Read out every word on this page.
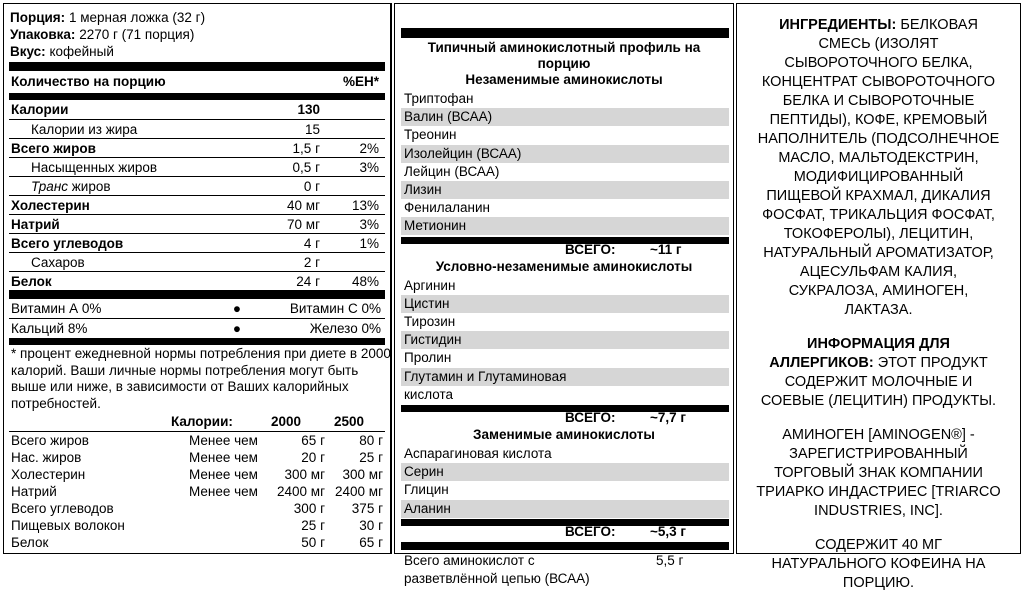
Порция: 1 мерная ложка (32 г)
Упаковка: 2270 г (71 порция)
Вкус: кофейный
Количество на порцию	%ЕН*
Калории	130
Калории из жира	15
Всего жиров	1,5 г	2%
Насыщенных жиров	0,5 г	3%
Транс жиров	0 г
Холестерин	40 мг 13%
Натрий	70 мг	3%
Всего углеводов	4 г	1%
Сахаров	2 г
Белок	24 г 48%
Витамин А 0%	●	Витамин С 0%
Кальций 8%	●	Железо 0%
* процент ежедневной нормы потребления при диете в 2000 калорий. Ваши личные нормы потребления могут быть выше или ниже, в зависимости от Ваших калорийных потребностей.
Калории:	2000 2500
Всего жиров	Менее чем	65 г	80 г
Нас. жиров	Менее чем	20 г	25 г
Холестерин	Менее чем 300 мг 300 мг
Натрий	Менее чем 2400 мг 2400 мг
Всего углеводов	300 г 375 г
Пищевых волокон	25 г	30 г
Белок	50 г	65 г
Типичный аминокислотный профиль на
порцию
Незаменимые аминокислоты
Триптофан
Валин (ВСАА)
Треонин
Изолейцин (ВСАА)
Лейцин (ВСАА)
Лизин
Фенилаланин
Метионин
ВСЕГО:	~11 г
Условно-незаменимые аминокислоты
Аргинин
Цистин
Тирозин
Гистидин
Пролин
Глутамин и Глутаминовая
кислота
ВСЕГО:	~7,7 г
Заменимые аминокислоты
Аспарагиновая кислота
Серин
Глицин
Аланин
ВСЕГО:	~5,3 г
Всего аминокислот с	5,5 г
разветвлённой цепью (ВСАА)
ИНГРЕДИЕНТЫ: БЕЛКОВАЯ
СМЕСЬ (ИЗОЛЯТ
СЫВОРОТОЧНОГО БЕЛКА,
КОНЦЕНТРАТ СЫВОРОТОЧНОГО
БЕЛКА И СЫВОРОТОЧНЫЕ
ПЕПТИДЫ), КОФЕ, КРЕМОВЫЙ
НАПОЛНИТЕЛЬ (ПОДСОЛНЕЧНОЕ
МАСЛО, МАЛЬТОДЕКСТРИН,
МОДИФИЦИРОВАННЫЙ
ПИЩЕВОЙ КРАХМАЛ, ДИКАЛИЯ
ФОСФАТ, ТРИКАЛЬЦИЯ ФОСФАТ,
ТОКОФЕРОЛЫ), ЛЕЦИТИН,
НАТУРАЛЬНЫЙ АРОМАТИЗАТОР,
АЦЕСУЛЬФАМ КАЛИЯ,
СУКРАЛОЗА, АМИНОГЕН,
ЛАКТАЗА.
ИНФОРМАЦИЯ ДЛЯ
АЛЛЕРГИКОВ: ЭТОТ ПРОДУКТ
СОДЕРЖИТ МОЛОЧНЫЕ И
СОЕВЫЕ (ЛЕЦИТИН) ПРОДУКТЫ.
АМИНОГЕН [AMINOGEN®] -
ЗАРЕГИСТРИРОВАННЫЙ
ТОРГОВЫЙ ЗНАК КОМПАНИИ
ТРИАРКО ИНДАСТРИЕС [TRIARCO
INDUSTRIES, INC].
СОДЕРЖИТ 40 МГ
НАТУРАЛЬНОГО КОФЕИНА НА
ПОРЦИЮ.
